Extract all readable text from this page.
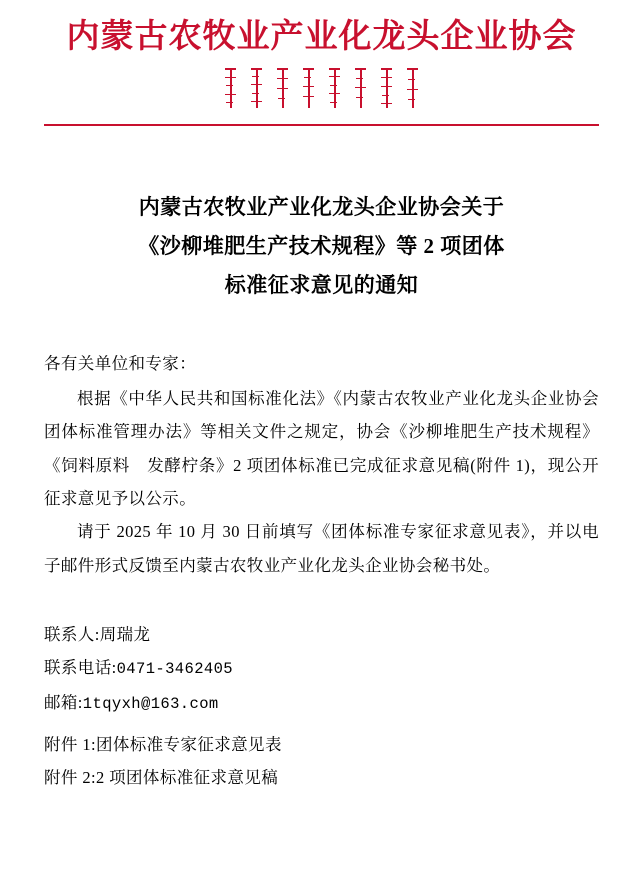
内蒙古农牧业产业化龙头企业协会
内蒙古农牧业产业化龙头企业协会关于
《沙柳堆肥生产技术规程》等 2 项团体
标准征求意见的通知
各有关单位和专家：

根据《中华人民共和国标准化法》《内蒙古农牧业产业化龙头企业协会团体标准管理办法》等相关文件之规定，协会《沙柳堆肥生产技术规程》《饲料原料　发酵柠条》2 项团体标准已完成征求意见稿(附件 1)，现公开征求意见予以公示。

请于 2025 年 10 月 30 日前填写《团体标准专家征求意见表》，并以电子邮件形式反馈至内蒙古农牧业产业化龙头企业协会秘书处。

联系人:周瑞龙
联系电话:0471-3462405
邮箱:1tqyxh@163.com
附件 1:团体标准专家征求意见表
附件 2:2 项团体标准征求意见稿
